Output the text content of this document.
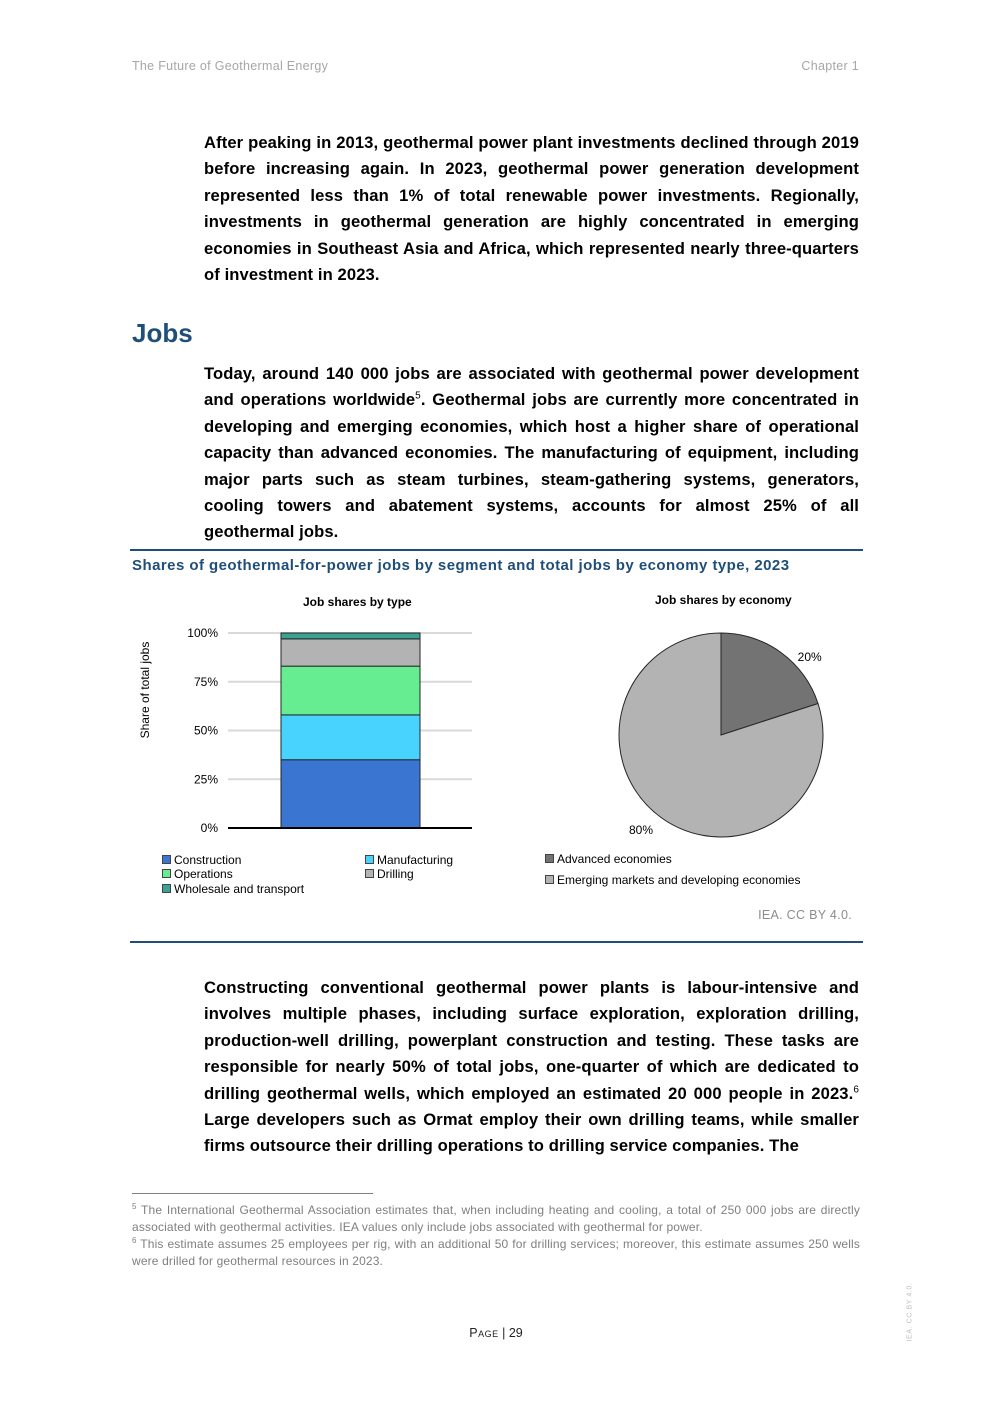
The Future of Geothermal Energy	Chapter 1

After peaking in 2013, geothermal power plant investments declined through 2019 before increasing again. In 2023, geothermal power generation development represented less than 1% of total renewable power investments. Regionally, investments in geothermal generation are highly concentrated in emerging economies in Southeast Asia and Africa, which represented nearly three-quarters of investment in 2023.

Jobs

Today, around 140 000 jobs are associated with geothermal power development and operations worldwide$^5$. Geothermal jobs are currently more concentrated in developing and emerging economies, which host a higher share of operational capacity than advanced economies. The manufacturing of equipment, including major parts such as steam turbines, steam-gathering systems, generators, cooling towers and abatement systems, accounts for almost 25% of all geothermal jobs.

Shares of geothermal-for-power jobs by segment and total jobs by economy type, 2023
Job shares by type
Share of total jobs
0%
25%
50%
75%
100%
Construction	Manufacturing
Operations	Drilling
Wholesale and transport
Job shares by economy
20%
80%
Advanced economies
Emerging markets and developing economies
IEA. CC BY 4.0.

Constructing conventional geothermal power plants is labour-intensive and involves multiple phases, including surface exploration, exploration drilling, production-well drilling, powerplant construction and testing. These tasks are responsible for nearly 50% of total jobs, one-quarter of which are dedicated to drilling geothermal wells, which employed an estimated 20 000 people in 2023.$^6$ Large developers such as Ormat employ their own drilling teams, while smaller firms outsource their drilling operations to drilling service companies. The

$^5$ The International Geothermal Association estimates that, when including heating and cooling, a total of 250 000 jobs are directly associated with geothermal activities. IEA values only include jobs associated with geothermal for power.
$^6$ This estimate assumes 25 employees per rig, with an additional 50 for drilling services; moreover, this estimate assumes 250 wells were drilled for geothermal resources in 2023.
Page | 29	IEA. CC BY 4.0.
